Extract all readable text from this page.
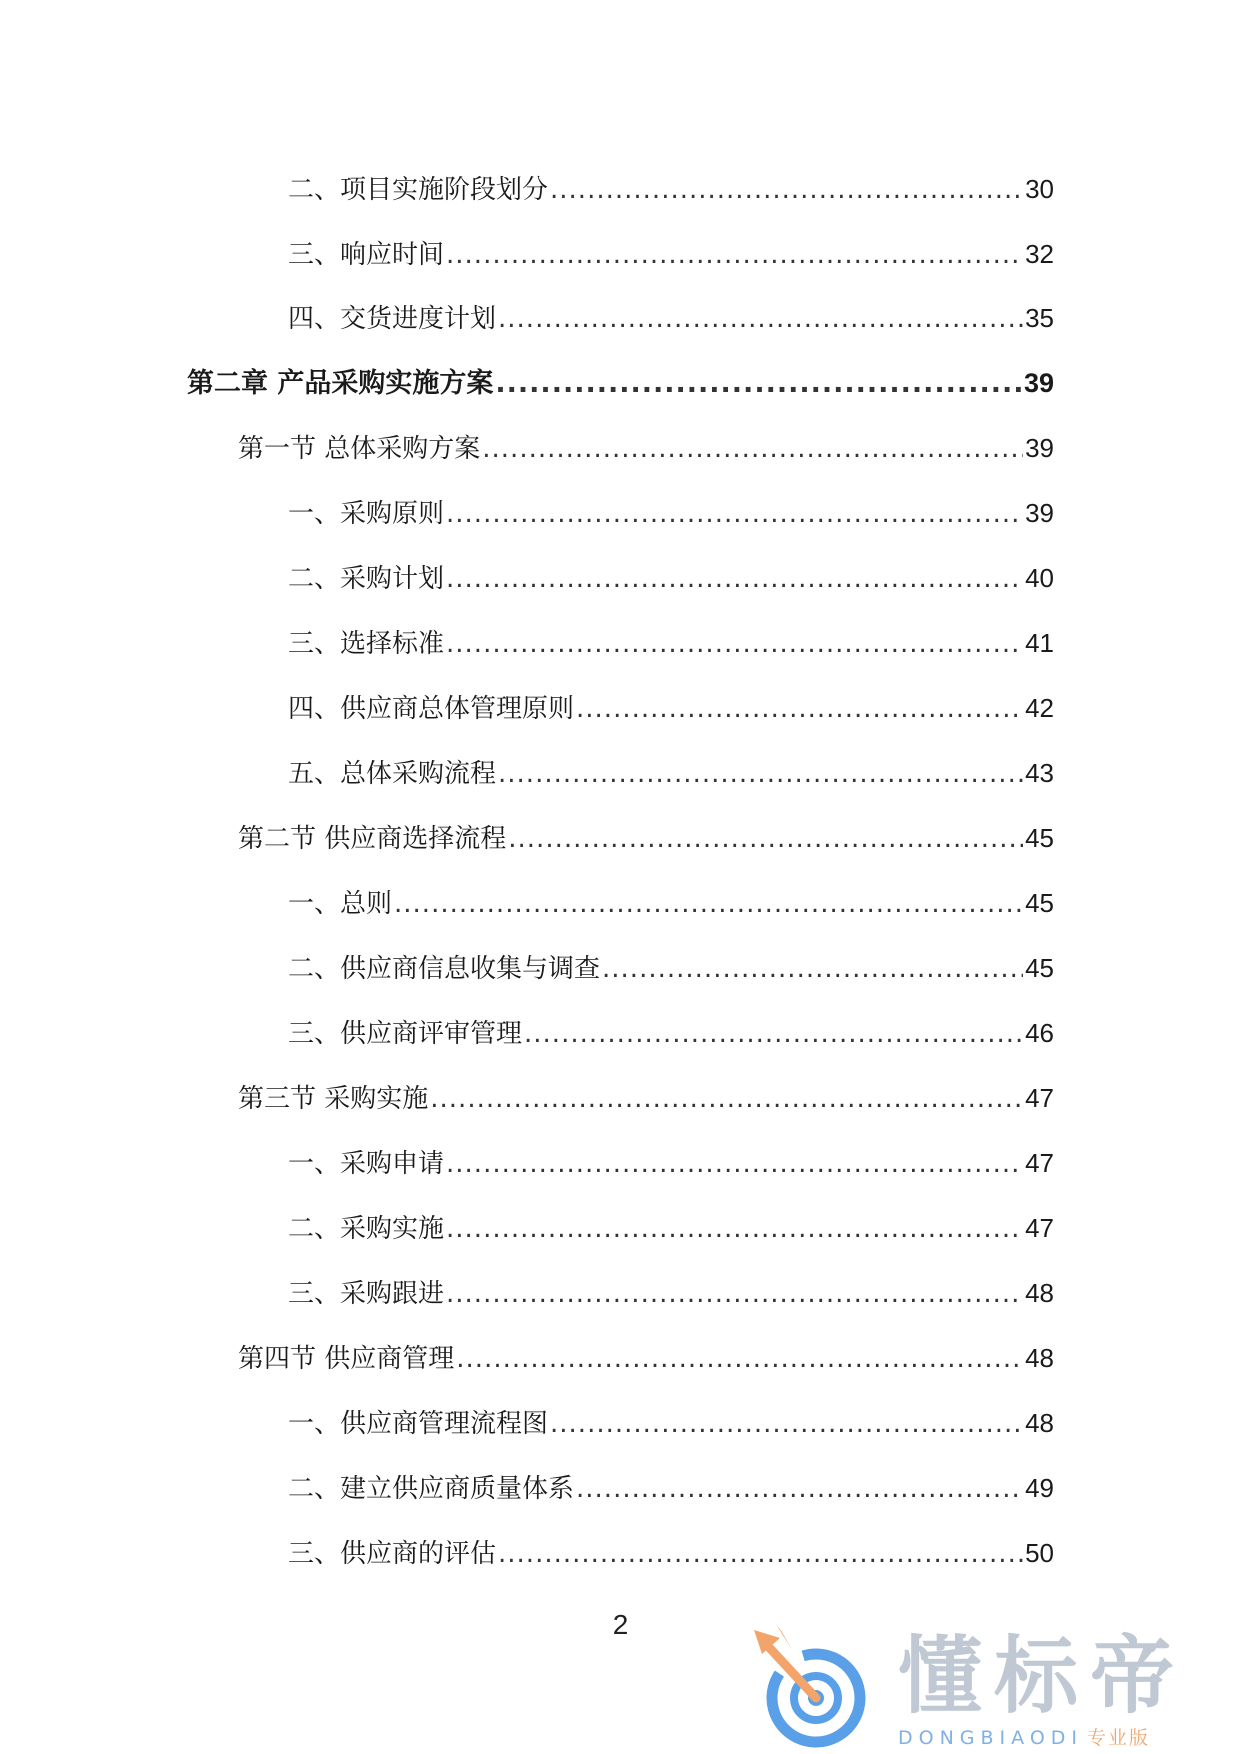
二、项目实施阶段划分 .....	30
三、响应时间 .....	32
四、交货进度计划 .....	35
第二章 产品采购实施方案 .....	39
第一节 总体采购方案 .....	39
一、采购原则 .....	39
二、采购计划 .....	40
三、选择标准 .....	41
四、供应商总体管理原则 .....	42
五、总体采购流程 .....	43
第二节 供应商选择流程 .....	45
一、总则 .....	45
二、供应商信息收集与调查 .....	45
三、供应商评审管理 .....	46
第三节 采购实施 .....	47
一、采购申请 .....	47
二、采购实施 .....	47
三、采购跟进 .....	48
第四节 供应商管理 .....	48
一、供应商管理流程图 .....	48
二、建立供应商质量体系 .....	49
三、供应商的评估 .....	50
2
懂标帝
DONGBIAODI 专业版
